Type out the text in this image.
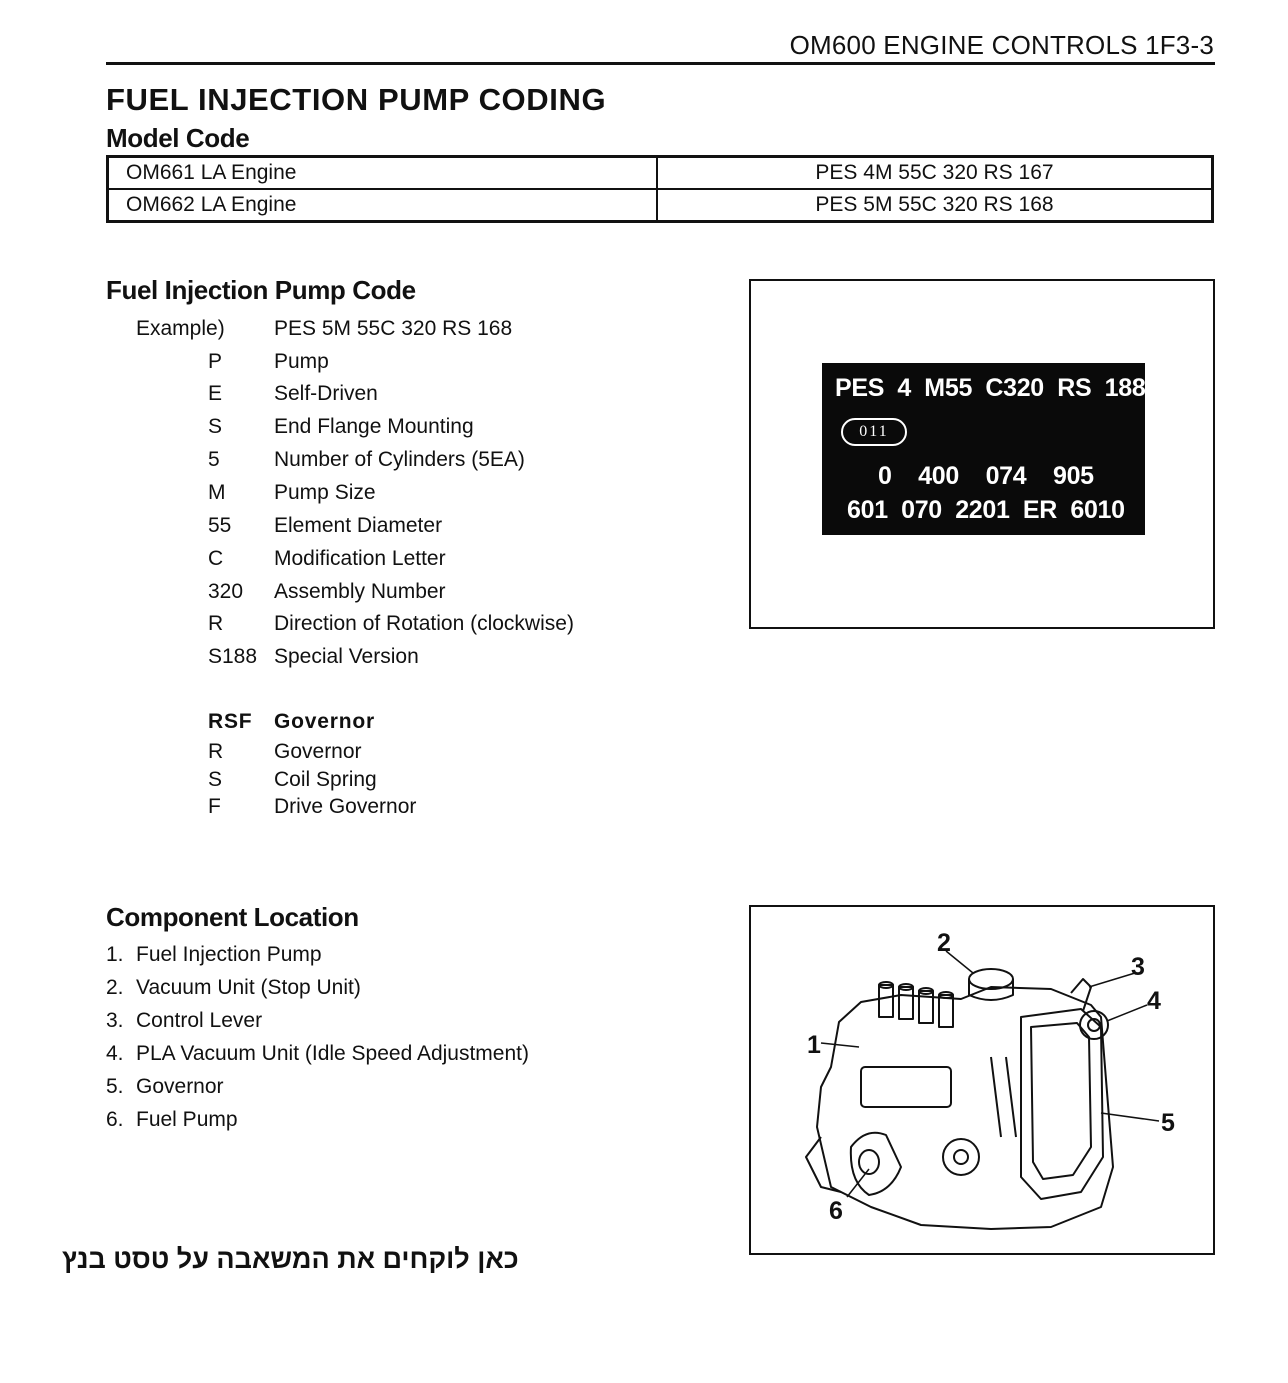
OM600 ENGINE CONTROLS 1F3-3
FUEL INJECTION PUMP CODING
Model Code
OM661 LA Engine	PES 4M 55C 320 RS 167
OM662 LA Engine	PES 5M 55C 320 RS 168
Fuel Injection Pump Code
Example) PES 5M 55C 320 RS 168
P Pump
E Self-Driven
S End Flange Mounting
5	Number of Cylinders (5EA)
M Pump Size
55 Element Diameter
C Modification Letter
320 Assembly Number
R Direction of Rotation (clockwise)
S188 Special Version
RSF Governor
R Governor
S Coil Spring
F	Drive Governor
PES  4  M55  C320  RS  188
011
0    400    074    905
601  070  2201  ER  6010
Component Location
1. Fuel Injection Pump
2. Vacuum Unit (Stop Unit)
3. Control Lever
4. PLA Vacuum Unit (Idle Speed Adjustment)
5. Governor
6. Fuel Pump
1
2
3
4
5
6
כאן לוקחים את המשאבה על טסט בנץ
